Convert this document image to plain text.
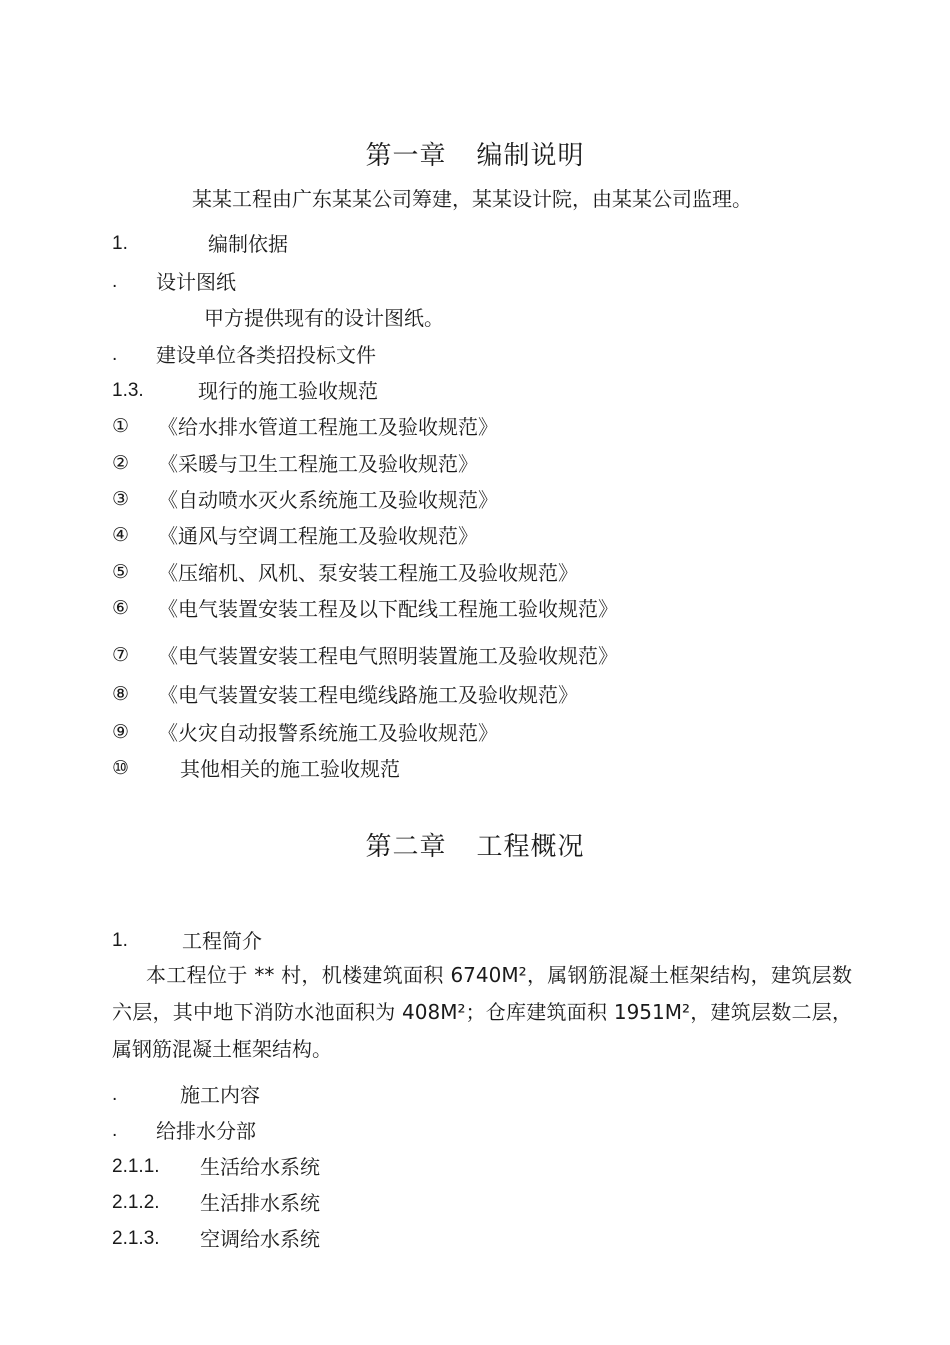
第一章 编制说明
某某工程由广东某某公司筹建，某某设计院，由某某公司监理。
1.	编制依据
. 设计图纸
甲方提供现有的设计图纸。
. 建设单位各类招投标文件
1.3.	现行的施工验收规范
① 《给水排水管道工程施工及验收规范》
② 《采暖与卫生工程施工及验收规范》
③ 《自动喷水灭火系统施工及验收规范》
④ 《通风与空调工程施工及验收规范》
⑤ 《压缩机、风机、泵安装工程施工及验收规范》
⑥ 《电气装置安装工程及以下配线工程施工验收规范》
⑦ 《电气装置安装工程电气照明装置施工及验收规范》
⑧ 《电气装置安装工程电缆线路施工及验收规范》
⑨ 《火灾自动报警系统施工及验收规范》
⑩	其他相关的施工验收规范
第二章 工程概况
1.	工程简介
本工程位于 ** 村，机楼建筑面积 6740M²，属钢筋混凝土框架结构，建筑层数六层，其中地下消防水池面积为 408M²；仓库建筑面积 1951M²，建筑层数二层，属钢筋混凝土框架结构。
.	施工内容
. 给排水分部
2.1.1. 生活给水系统
2.1.2. 生活排水系统
2.1.3. 空调给水系统
